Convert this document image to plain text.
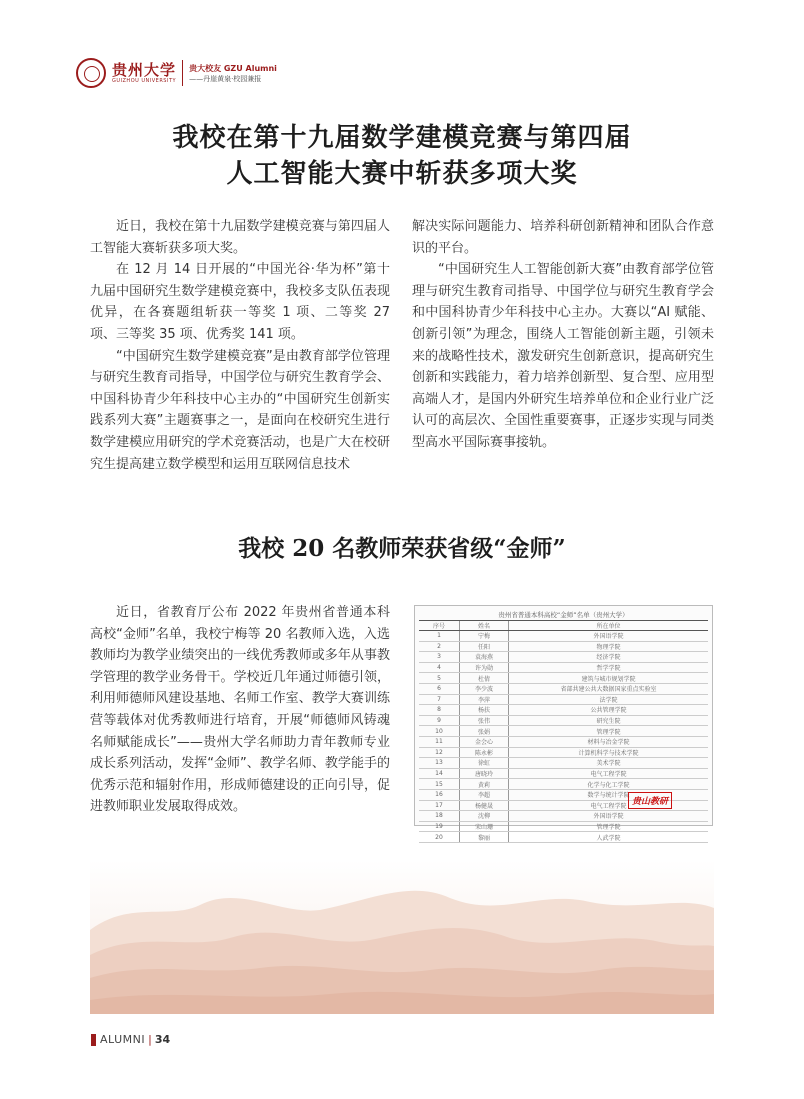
贵州大学
GUIZHOU UNIVERSITY
贵大校友 GZU Alumni
——丹崖黄泉·校园兼报
我校在第十九届数学建模竞赛与第四届
人工智能大赛中斩获多项大奖

近日，我校在第十九届数学建模竞赛与第四届人工智能大赛斩获多项大奖。

在 12 月 14 日开展的“中国光谷·华为杯”第十九届中国研究生数学建模竞赛中，我校多支队伍表现优异，在各赛题组斩获一等奖 1 项、二等奖 27 项、三等奖 35 项、优秀奖 141 项。

“中国研究生数学建模竞赛”是由教育部学位管理与研究生教育司指导，中国学位与研究生教育学会、中国科协青少年科技中心主办的“中国研究生创新实践系列大赛”主题赛事之一，是面向在校研究生进行数学建模应用研究的学术竞赛活动，也是广大在校研究生提高建立数学模型和运用互联网信息技术

解决实际问题能力、培养科研创新精神和团队合作意识的平台。

“中国研究生人工智能创新大赛”由教育部学位管理与研究生教育司指导、中国学位与研究生教育学会和中国科协青少年科技中心主办。大赛以“AI 赋能、创新引领”为理念，围绕人工智能创新主题，引领未来的战略性技术，激发研究生创新意识，提高研究生创新和实践能力，着力培养创新型、复合型、应用型高端人才，是国内外研究生培养单位和企业行业广泛认可的高层次、全国性重要赛事，正逐步实现与同类型高水平国际赛事接轨。

我校 20 名教师荣获省级“金师”

近日，省教育厅公布 2022 年贵州省普通本科高校“金师”名单，我校宁梅等 20 名教师入选，入选教师均为教学业绩突出的一线优秀教师或多年从事教学管理的教学业务骨干。学校近几年通过师德引领，利用师德师风建设基地、名师工作室、教学大赛训练营等载体对优秀教师进行培育，开展“师德师风铸魂 名师赋能成长”——贵州大学名师助力青年教师专业成长系列活动，发挥“金师”、教学名师、教学能手的优秀示范和辐射作用，形成师德建设的正向引导，促进教师职业发展取得成效。

贵州省普通本科高校“金师”名单（贵州大学）
序号	姓名	所在单位
1	宁梅	外国语学院
2	任阳	物理学院
3	袁海燕	经济学院
4	许为勋	哲学学院
5	杜倩	建筑与城市规划学院
6	李少波	省部共建公共大数据国家重点实验室
7	李萍	法学院
8	杨扶	公共管理学院
9	张伟	研究生院
10	张娟	管理学院
11	金会心	材料与冶金学院
12	陈永彬	计算机科学与技术学院
13	徐虹	美术学院
14	唐晓玲	电气工程学院
15	黄莉	化学与化工学院
16	李超	数学与统计学院
17	杨健晟	电气工程学院
18	沈柳	外国语学院
19	宋山珊	管理学院
20	黎丽	人武学院
贵山教研
ALUMNI | 34
